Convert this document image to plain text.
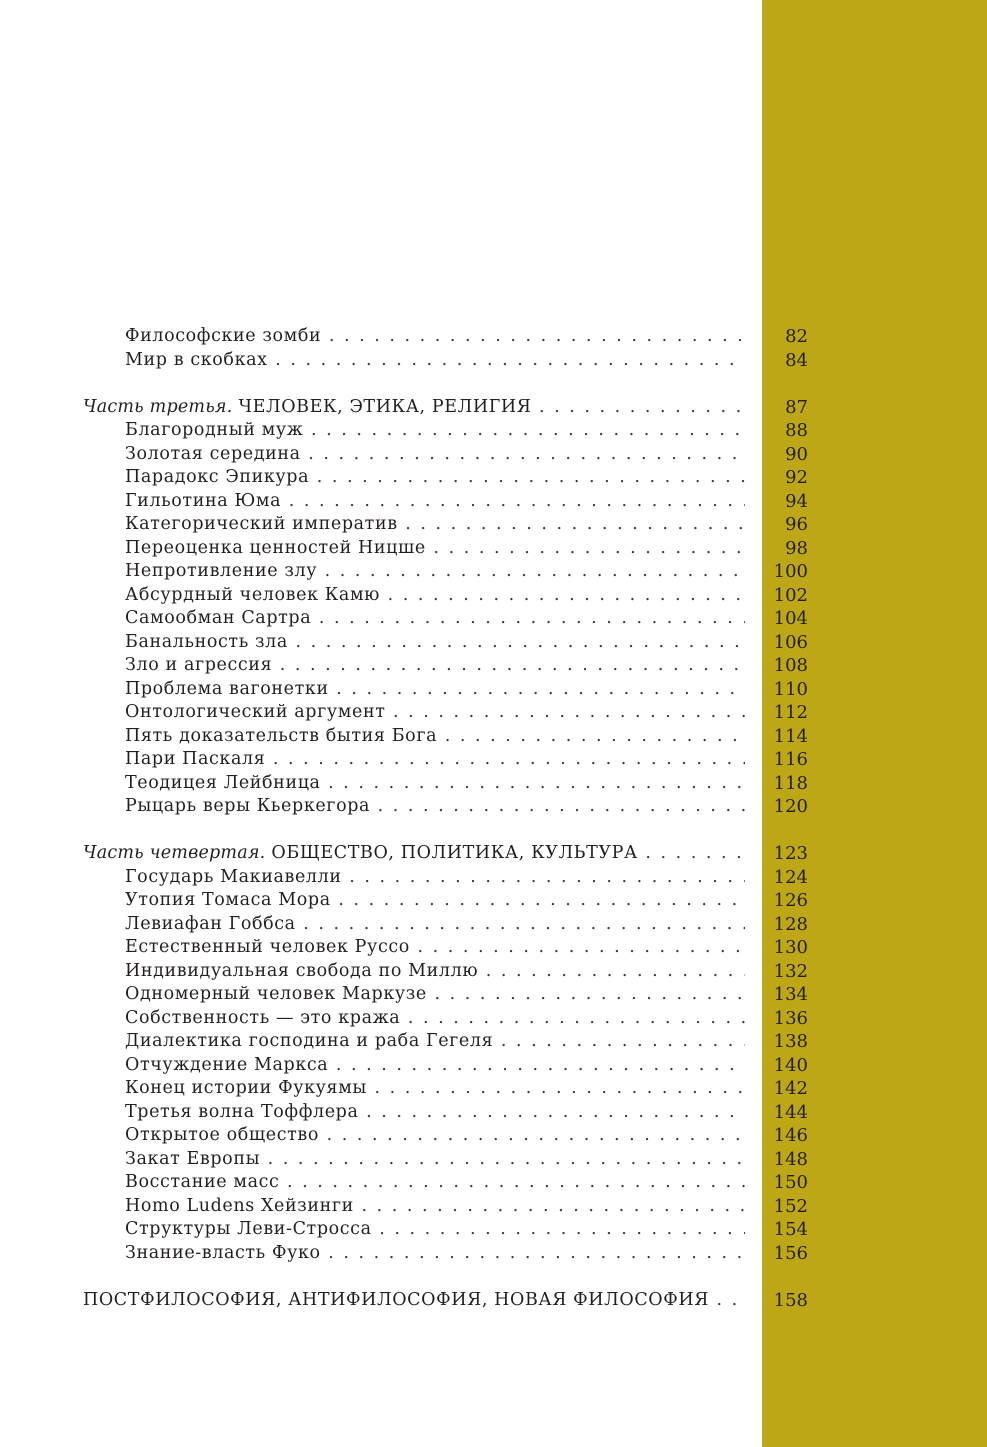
Философские зомби . . .	82
Мир в скобках . . .	84
Часть третья. ЧЕЛОВЕК, ЭТИКА, РЕЛИГИЯ . . .	87
Благородный муж . . .	88
Золотая середина . . .	90
Парадокс Эпикура . . .	92
Гильотина Юма . . .	94
Категорический императив . . .	96
Переоценка ценностей Ницше . . .	98
Непротивление злу . . .	100
Абсурдный человек Камю . . .	102
Самообман Сартра . . .	104
Банальность зла . . .	106
Зло и агрессия . . .	108
Проблема вагонетки . . .	110
Онтологический аргумент . . .	112
Пять доказательств бытия Бога . . .	114
Пари Паскаля . . .	116
Теодицея Лейбница . . .	118
Рыцарь веры Кьеркегора . . .	120
Часть четвертая. ОБЩЕСТВО, ПОЛИТИКА, КУЛЬТУРА . . .	123
Государь Макиавелли . . .	124
Утопия Томаса Мора . . .	126
Левиафан Гоббса . . .	128
Естественный человек Руссо . . .	130
Индивидуальная свобода по Миллю . . .	132
Одномерный человек Маркузе . . .	134
Собственность — это кража . . .	136
Диалектика господина и раба Гегеля . . .	138
Отчуждение Маркса . . .	140
Конец истории Фукуямы . . .	142
Третья волна Тоффлера . . .	144
Открытое общество . . .	146
Закат Европы . . .	148
Восстание масс . . .	150
Homo Ludens Хейзинги . . .	152
Структуры Леви-Стросса . . .	154
Знание-власть Фуко . . .	156
ПОСТФИЛОСОФИЯ, АНТИФИЛОСОФИЯ, НОВАЯ ФИЛОСОФИЯ . . .	158
